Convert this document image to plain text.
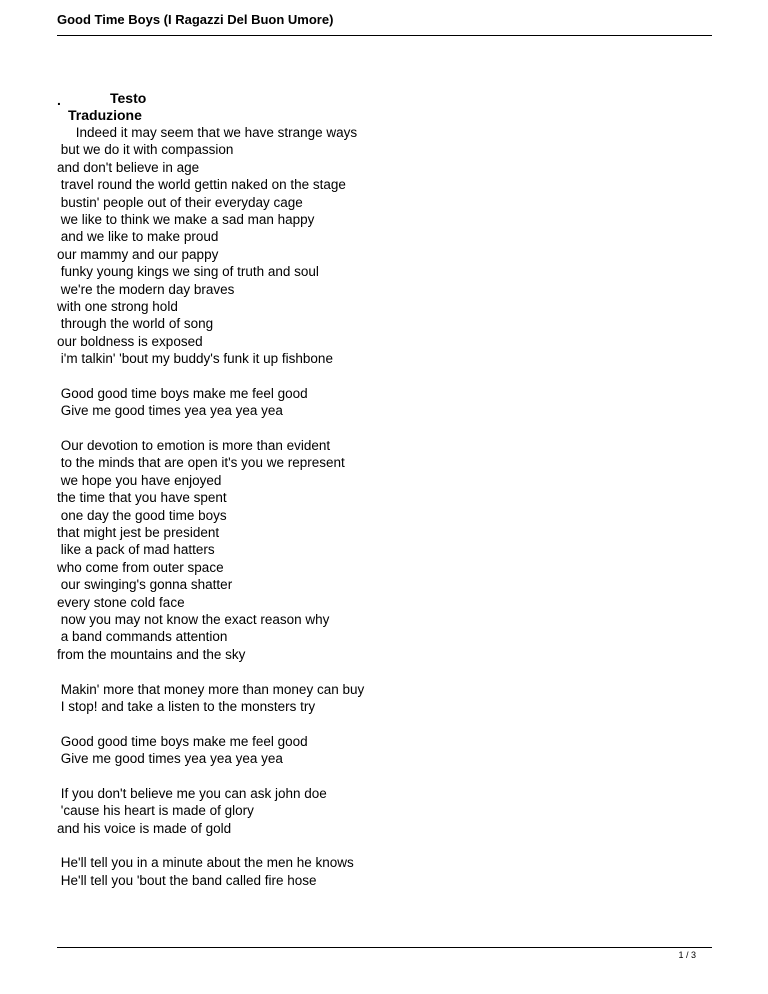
Good Time Boys (I Ragazzi Del Buon Umore)
.	Testo
Traduzione
Indeed it may seem that we have strange ways
but we do it with compassion
and don't believe in age
travel round the world gettin naked on the stage
bustin' people out of their everyday cage
we like to think we make a sad man happy
and we like to make proud
our mammy and our pappy
funky young kings we sing of truth and soul
we're the modern day braves
with one strong hold
through the world of song
our boldness is exposed
i'm talkin' 'bout my buddy's funk it up fishbone
Good good time boys make me feel good
Give me good times yea yea yea yea
Our devotion to emotion is more than evident
to the minds that are open it's you we represent
we hope you have enjoyed
the time that you have spent
one day the good time boys
that might jest be president
like a pack of mad hatters
who come from outer space
our swinging's gonna shatter
every stone cold face
now you may not know the exact reason why
a band commands attention
from the mountains and the sky
Makin' more that money more than money can buy
I stop! and take a listen to the monsters try
Good good time boys make me feel good
Give me good times yea yea yea yea
If you don't believe me you can ask john doe
'cause his heart is made of glory
and his voice is made of gold
He'll tell you in a minute about the men he knows
He'll tell you 'bout the band called fire hose
1 / 3
